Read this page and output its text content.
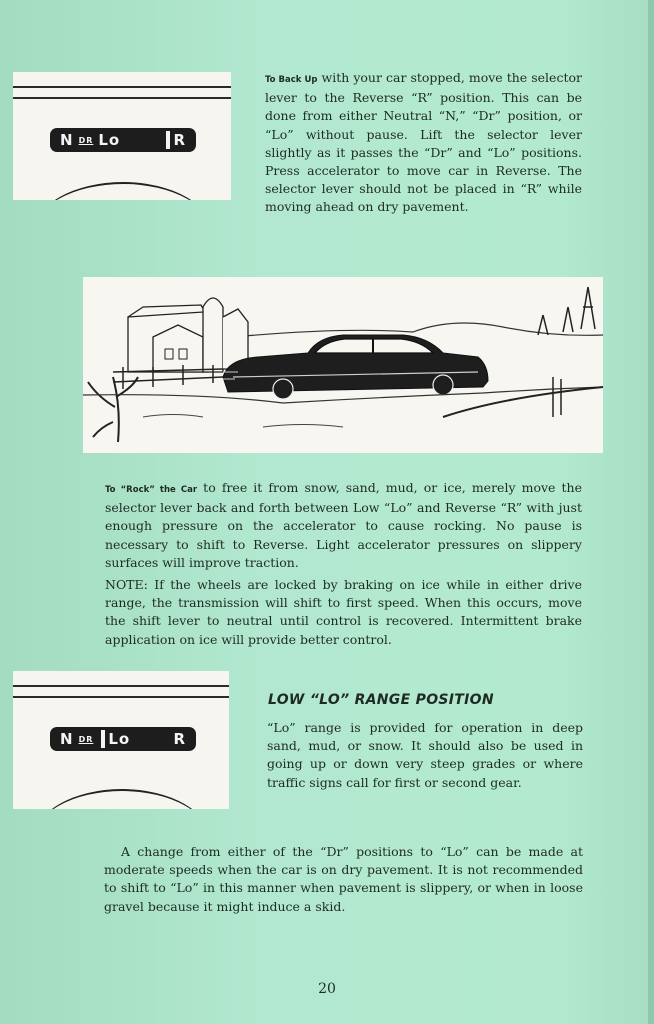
N DR Lo	R

To Back Up with your car stopped, move the selector lever to the Reverse “R” position. This can be done from either Neutral “N,” “Dr” position, or “Lo” without pause. Lift the selector lever slightly as it passes the “Dr” and “Lo” positions. Press accelerator to move car in Reverse. The selector lever should not be placed in “R” while moving ahead on dry pavement.

To “Rock” the Car to free it from snow, sand, mud, or ice, merely move the selector lever back and forth between Low “Lo” and Reverse “R” with just enough pressure on the accelerator to cause rocking. No pause is necessary to shift to Reverse. Light accelerator pressures on slippery surfaces will improve traction.

NOTE: If the wheels are locked by braking on ice while in either drive range, the transmission will shift to first speed. When this occurs, move the shift lever to neutral until control is recovered. Intermittent brake application on ice will provide better control.

N DR Lo	R
LOW “LO” RANGE POSITION

“Lo” range is provided for operation in deep sand, mud, or snow. It should also be used in going up or down very steep grades or where traffic signs call for first or second gear.

A change from either of the “Dr” positions to “Lo” can be made at moderate speeds when the car is on dry pavement. It is not recommended to shift to “Lo” in this manner when pavement is slippery, or when in loose gravel because it might induce a skid.

20
